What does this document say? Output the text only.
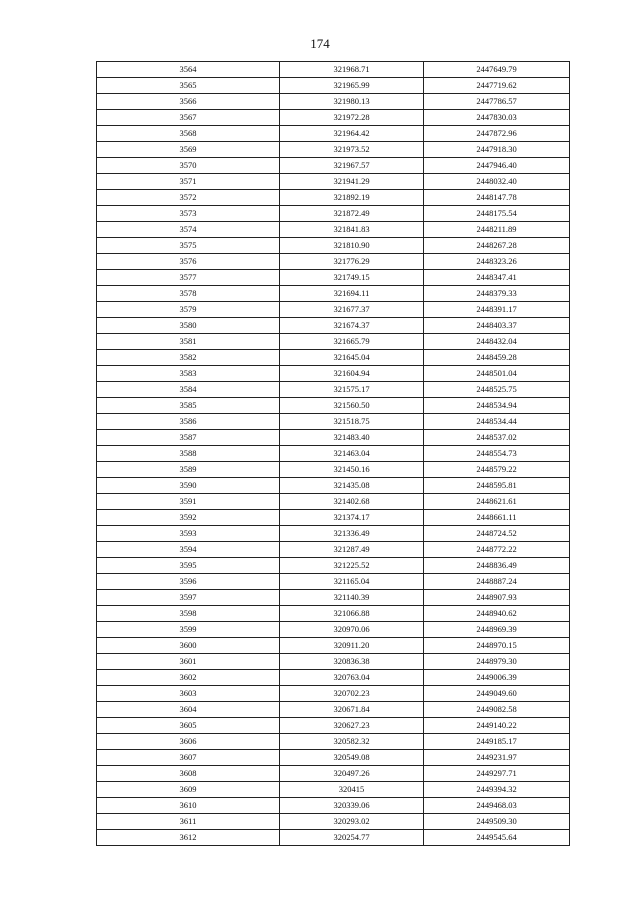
174
3564	321968.71	2447649.79
3565	321965.99	2447719.62
3566	321980.13	2447786.57
3567	321972.28	2447830.03
3568	321964.42	2447872.96
3569	321973.52	2447918.30
3570	321967.57	2447946.40
3571	321941.29	2448032.40
3572	321892.19	2448147.78
3573	321872.49	2448175.54
3574	321841.83	2448211.89
3575	321810.90	2448267.28
3576	321776.29	2448323.26
3577	321749.15	2448347.41
3578	321694.11	2448379.33
3579	321677.37	2448391.17
3580	321674.37	2448403.37
3581	321665.79	2448432.04
3582	321645.04	2448459.28
3583	321604.94	2448501.04
3584	321575.17	2448525.75
3585	321560.50	2448534.94
3586	321518.75	2448534.44
3587	321483.40	2448537.02
3588	321463.04	2448554.73
3589	321450.16	2448579.22
3590	321435.08	2448595.81
3591	321402.68	2448621.61
3592	321374.17	2448661.11
3593	321336.49	2448724.52
3594	321287.49	2448772.22
3595	321225.52	2448836.49
3596	321165.04	2448887.24
3597	321140.39	2448907.93
3598	321066.88	2448940.62
3599	320970.06	2448969.39
3600	320911.20	2448970.15
3601	320836.38	2448979.30
3602	320763.04	2449006.39
3603	320702.23	2449049.60
3604	320671.84	2449082.58
3605	320627.23	2449140.22
3606	320582.32	2449185.17
3607	320549.08	2449231.97
3608	320497.26	2449297.71
3609	320415	2449394.32
3610	320339.06	2449468.03
3611	320293.02	2449509.30
3612	320254.77	2449545.64
